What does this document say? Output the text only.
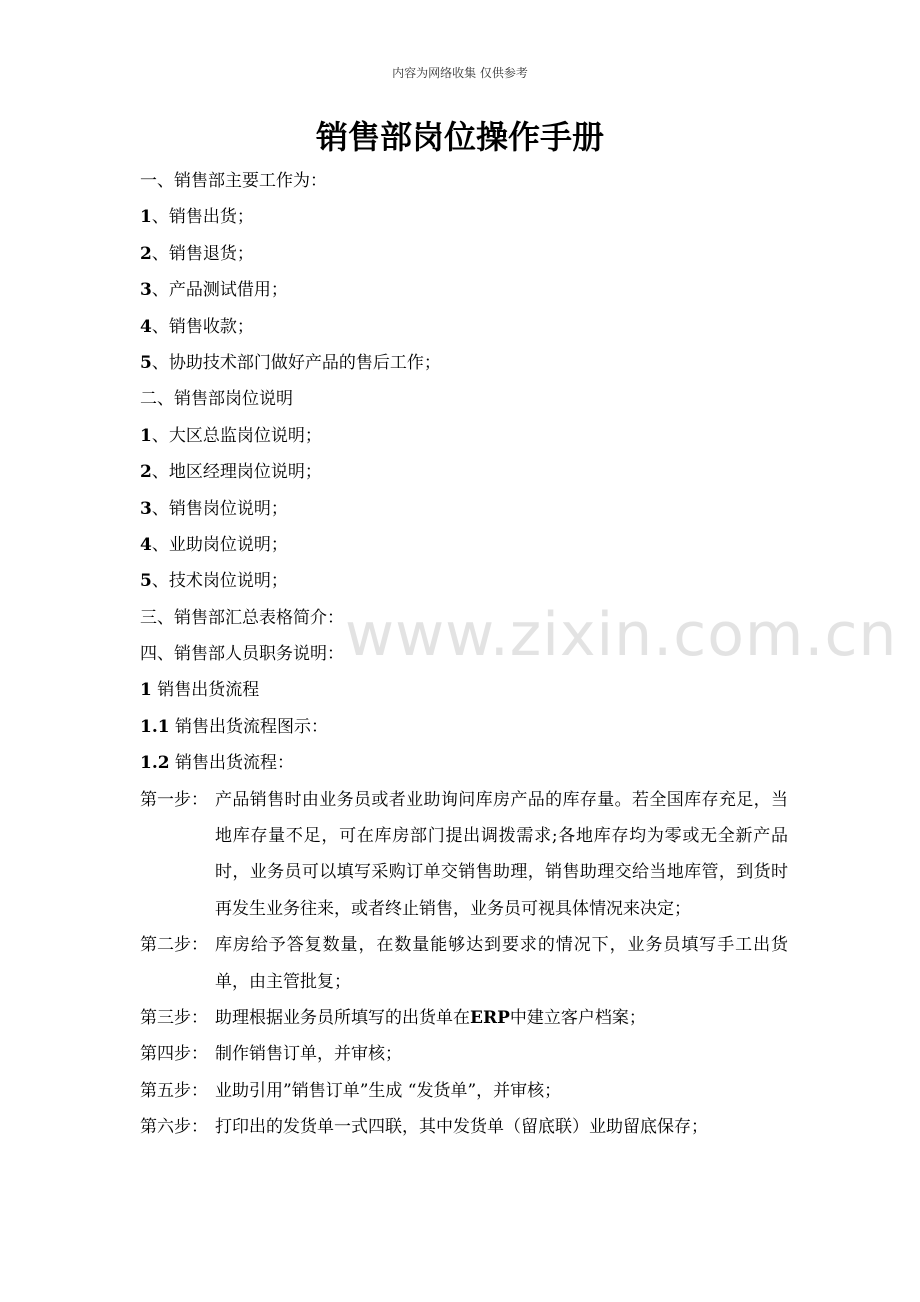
内容为网络收集 仅供参考
www.zixin.com.cn
销售部岗位操作手册
一、销售部主要工作为：
1、销售出货；
2、销售退货；
3、产品测试借用；
4、销售收款；
5、协助技术部门做好产品的售后工作；
二、销售部岗位说明
1、大区总监岗位说明；
2、地区经理岗位说明；
3、销售岗位说明；
4、业助岗位说明；
5、技术岗位说明；
三、销售部汇总表格简介：
四、销售部人员职务说明：
1 销售出货流程
1.1 销售出货流程图示：
1.2 销售出货流程：
第一步： 产品销售时由业务员或者业助询问库房产品的库存量。若全国库存充足，当地库存量不足，可在库房部门提出调拨需求;各地库存均为零或无全新产品时，业务员可以填写采购订单交销售助理，销售助理交给当地库管，到货时再发生业务往来，或者终止销售，业务员可视具体情况来决定；
第二步： 库房给予答复数量，在数量能够达到要求的情况下，业务员填写手工出货单，由主管批复；
第三步： 助理根据业务员所填写的出货单在ERP中建立客户档案；
第四步： 制作销售订单，并审核；
第五步： 业助引用”销售订单”生成 “发货单”，并审核；
第六步： 打印出的发货单一式四联，其中发货单（留底联）业助留底保存；
